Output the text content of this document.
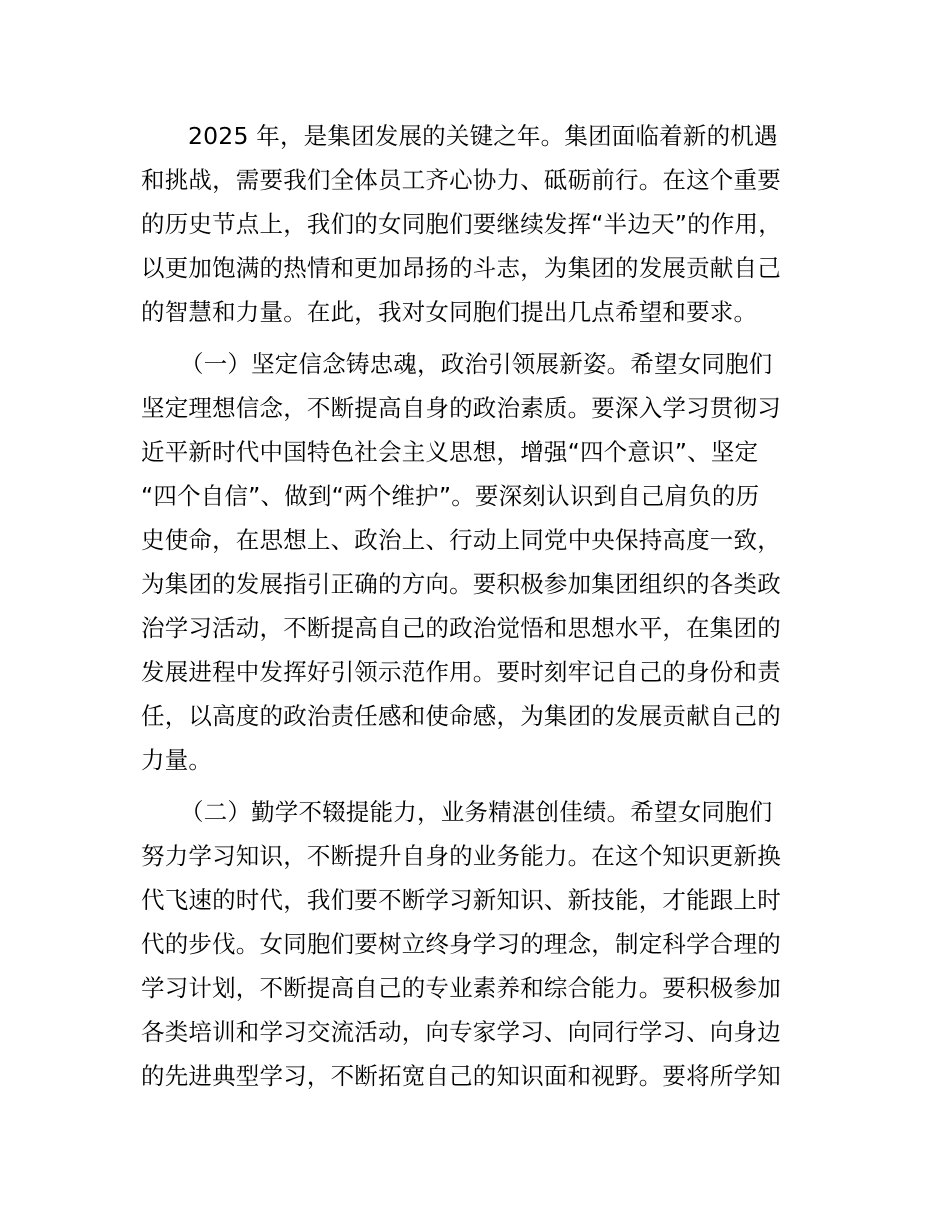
2025 年，是集团发展的关键之年。集团面临着新的机遇
和挑战，需要我们全体员工齐心协力、砥砺前行。在这个重要
的历史节点上，我们的女同胞们要继续发挥“半边天”的作用，
以更加饱满的热情和更加昂扬的斗志，为集团的发展贡献自己
的智慧和力量。在此，我对女同胞们提出几点希望和要求。
（一）坚定信念铸忠魂，政治引领展新姿。希望女同胞们
坚定理想信念，不断提高自身的政治素质。要深入学习贯彻习
近平新时代中国特色社会主义思想，增强“四个意识”、坚定
“四个自信”、做到“两个维护”。要深刻认识到自己肩负的历
史使命，在思想上、政治上、行动上同党中央保持高度一致，
为集团的发展指引正确的方向。要积极参加集团组织的各类政
治学习活动，不断提高自己的政治觉悟和思想水平，在集团的
发展进程中发挥好引领示范作用。要时刻牢记自己的身份和责
任，以高度的政治责任感和使命感，为集团的发展贡献自己的
力量。
（二）勤学不辍提能力，业务精湛创佳绩。希望女同胞们
努力学习知识，不断提升自身的业务能力。在这个知识更新换
代飞速的时代，我们要不断学习新知识、新技能，才能跟上时
代的步伐。女同胞们要树立终身学习的理念，制定科学合理的
学习计划，不断提高自己的专业素养和综合能力。要积极参加
各类培训和学习交流活动，向专家学习、向同行学习、向身边
的先进典型学习，不断拓宽自己的知识面和视野。要将所学知
